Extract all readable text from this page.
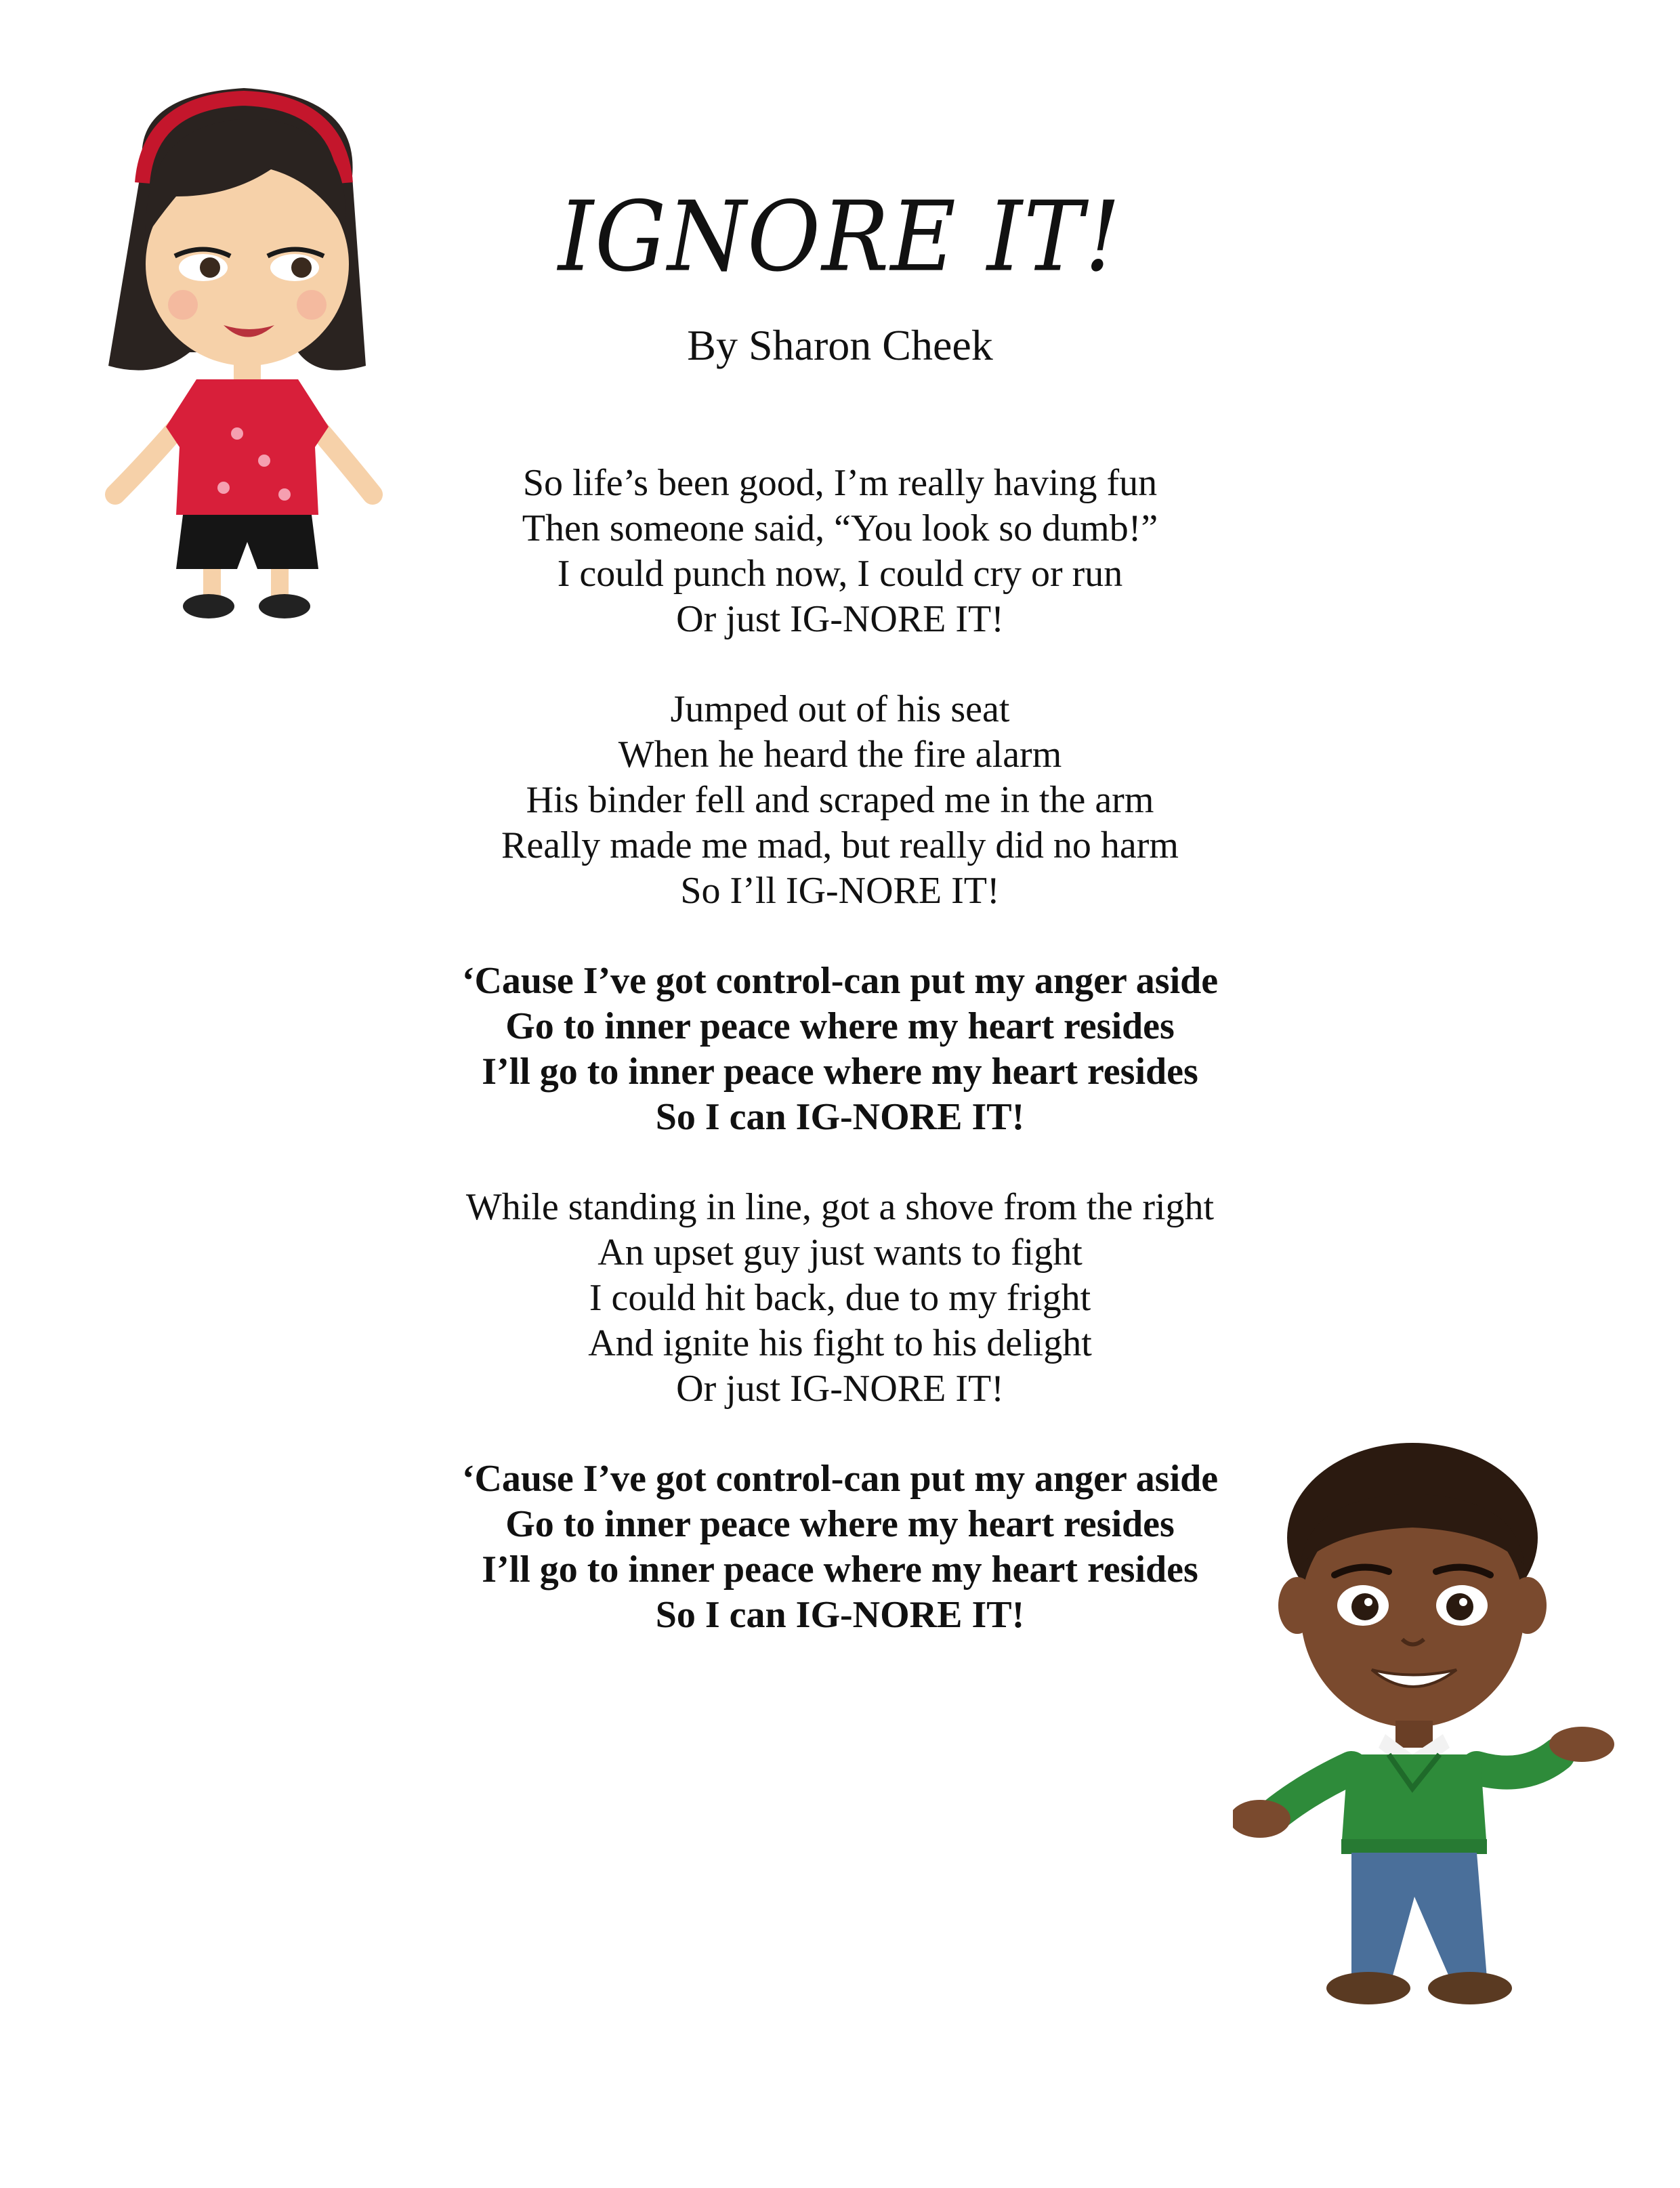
IGNORE IT!

By Sharon Cheek

So life’s been good, I’m really having fun
Then someone said, “You look so dumb!”
I could punch now, I could cry or run
Or just IG-NORE IT!
Jumped out of his seat
When he heard the fire alarm
His binder fell and scraped me in the arm
Really made me mad, but really did no harm
So I’ll IG-NORE IT!
‘Cause I’ve got control-can put my anger aside
Go to inner peace where my heart resides
I’ll go to inner peace where my heart resides
So I can IG-NORE IT!
While standing in line, got a shove from the right
An upset guy just wants to fight
I could hit back, due to my fright
And ignite his fight to his delight
Or just IG-NORE IT!
‘Cause I’ve got control-can put my anger aside
Go to inner peace where my heart resides
I’ll go to inner peace where my heart resides
So I can IG-NORE IT!
